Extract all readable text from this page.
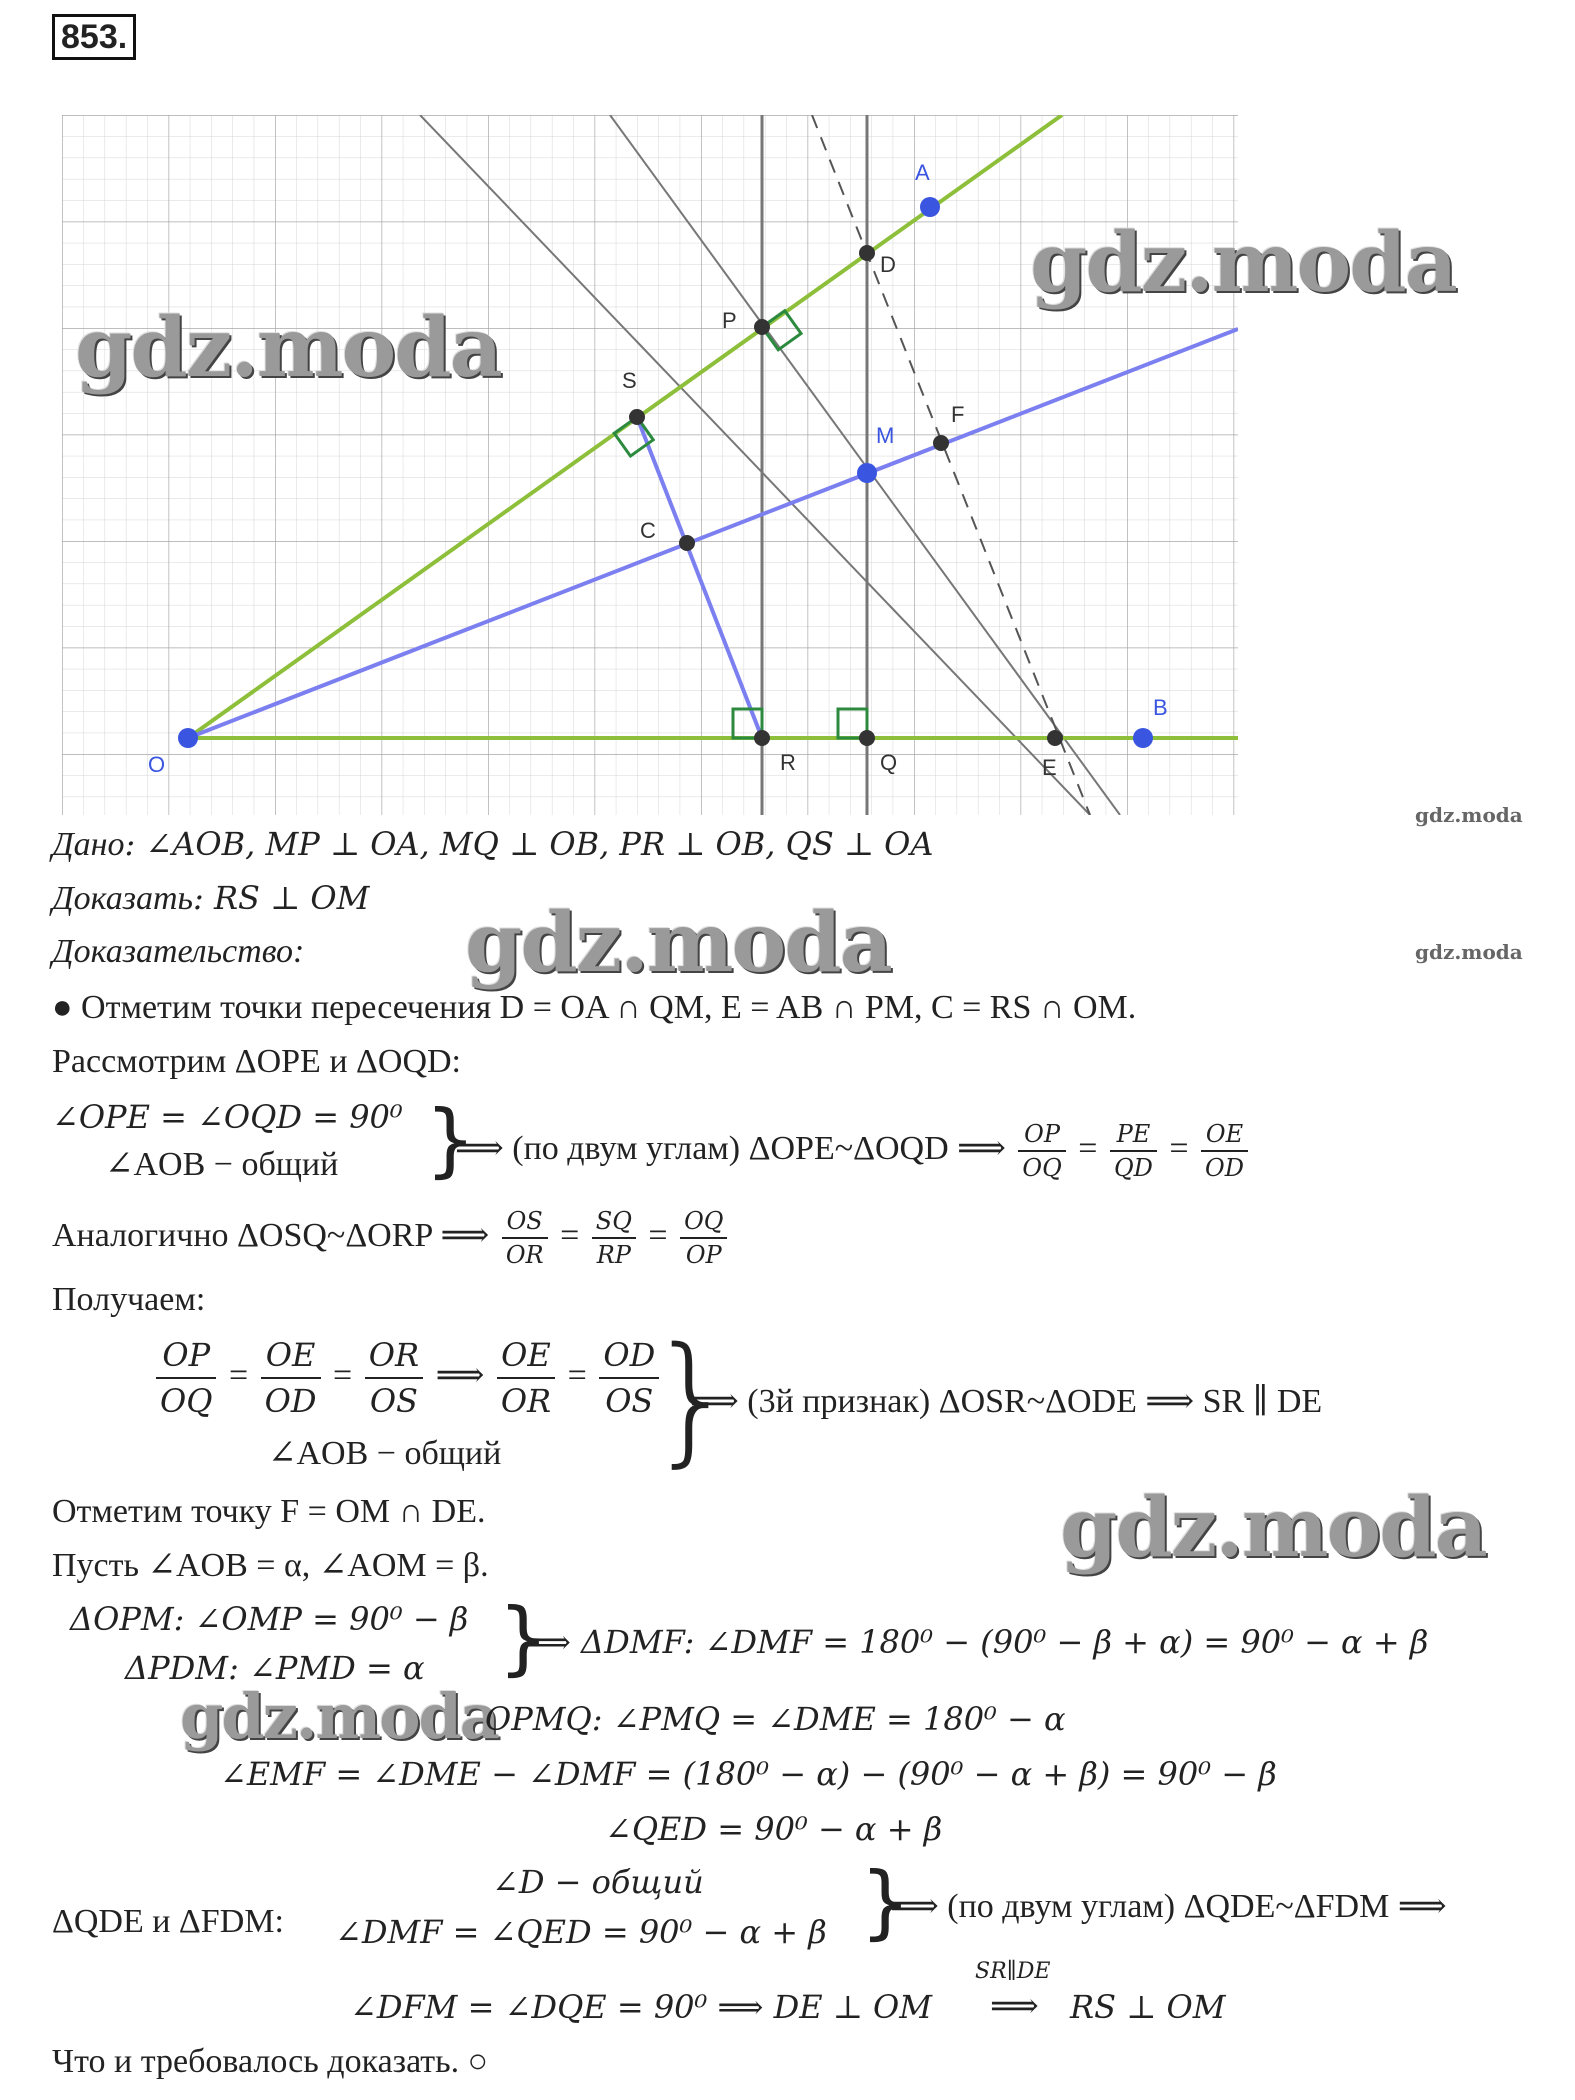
853.
O
B
A
M
D
P
S
F
C
R	Q	E
gdz.moda
gdz.moda
gdz.moda
gdz.moda
gdz.moda
gdz.moda
gdz.moda
Дано: ∠AOB, MP ⊥ OA, MQ ⊥ OB, PR ⊥ OB, QS ⊥ OA
Доказать: RS ⊥ OM
Доказательство:
● Отметим точки пересечения D = OA ∩ QM, E = AB ∩ PM, C = RS ∩ OM.
Рассмотрим ΔOPE и ΔOQD:
∠OPE = ∠OQD = 90⁰
∠AOB − общий }
⟹ (по двум углам) ΔOPE~ΔOQD ⟹ $\frac{OP}{OQ} = \frac{PE}{QD} = \frac{OE}{OD}$
Аналогично ΔOSQ~ΔORP ⟹ $\frac{OS}{OR} = \frac{SQ}{RP} = \frac{OQ}{OP}$
Получаем:
$\frac{OP}{OQ} = \frac{OE}{OD} = \frac{OR}{OS}$ ⟹ $\frac{OE}{OR} = \frac{OD}{OS}$
∠AOB − общий }
⟹ (3й признак) ΔOSR~ΔODE ⟹ SR ∥ DE
Отметим точку F = OM ∩ DE.
Пусть ∠AOB = α, ∠AOM = β.
ΔOPM: ∠OMP = 90⁰ − β
ΔPDM: ∠PMD = α }
⟹ ΔDMF: ∠DMF = 180⁰ − (90⁰ − β + α) = 90⁰ − α + β
OPMQ: ∠PMQ = ∠DME = 180⁰ − α
∠EMF = ∠DME − ∠DMF = (180⁰ − α) − (90⁰ − α + β) = 90⁰ − β
∠QED = 90⁰ − α + β
ΔQDE и ΔFDM:
∠D − общий
∠DMF = ∠QED = 90⁰ − α + β }
⟹ (по двум углам) ΔQDE~ΔFDM ⟹
∠DFM = ∠DQE = 90⁰ ⟹ DE ⊥ OM
SR∥DE
⟹ RS ⊥ OM
Что и требовалось доказать. ○
